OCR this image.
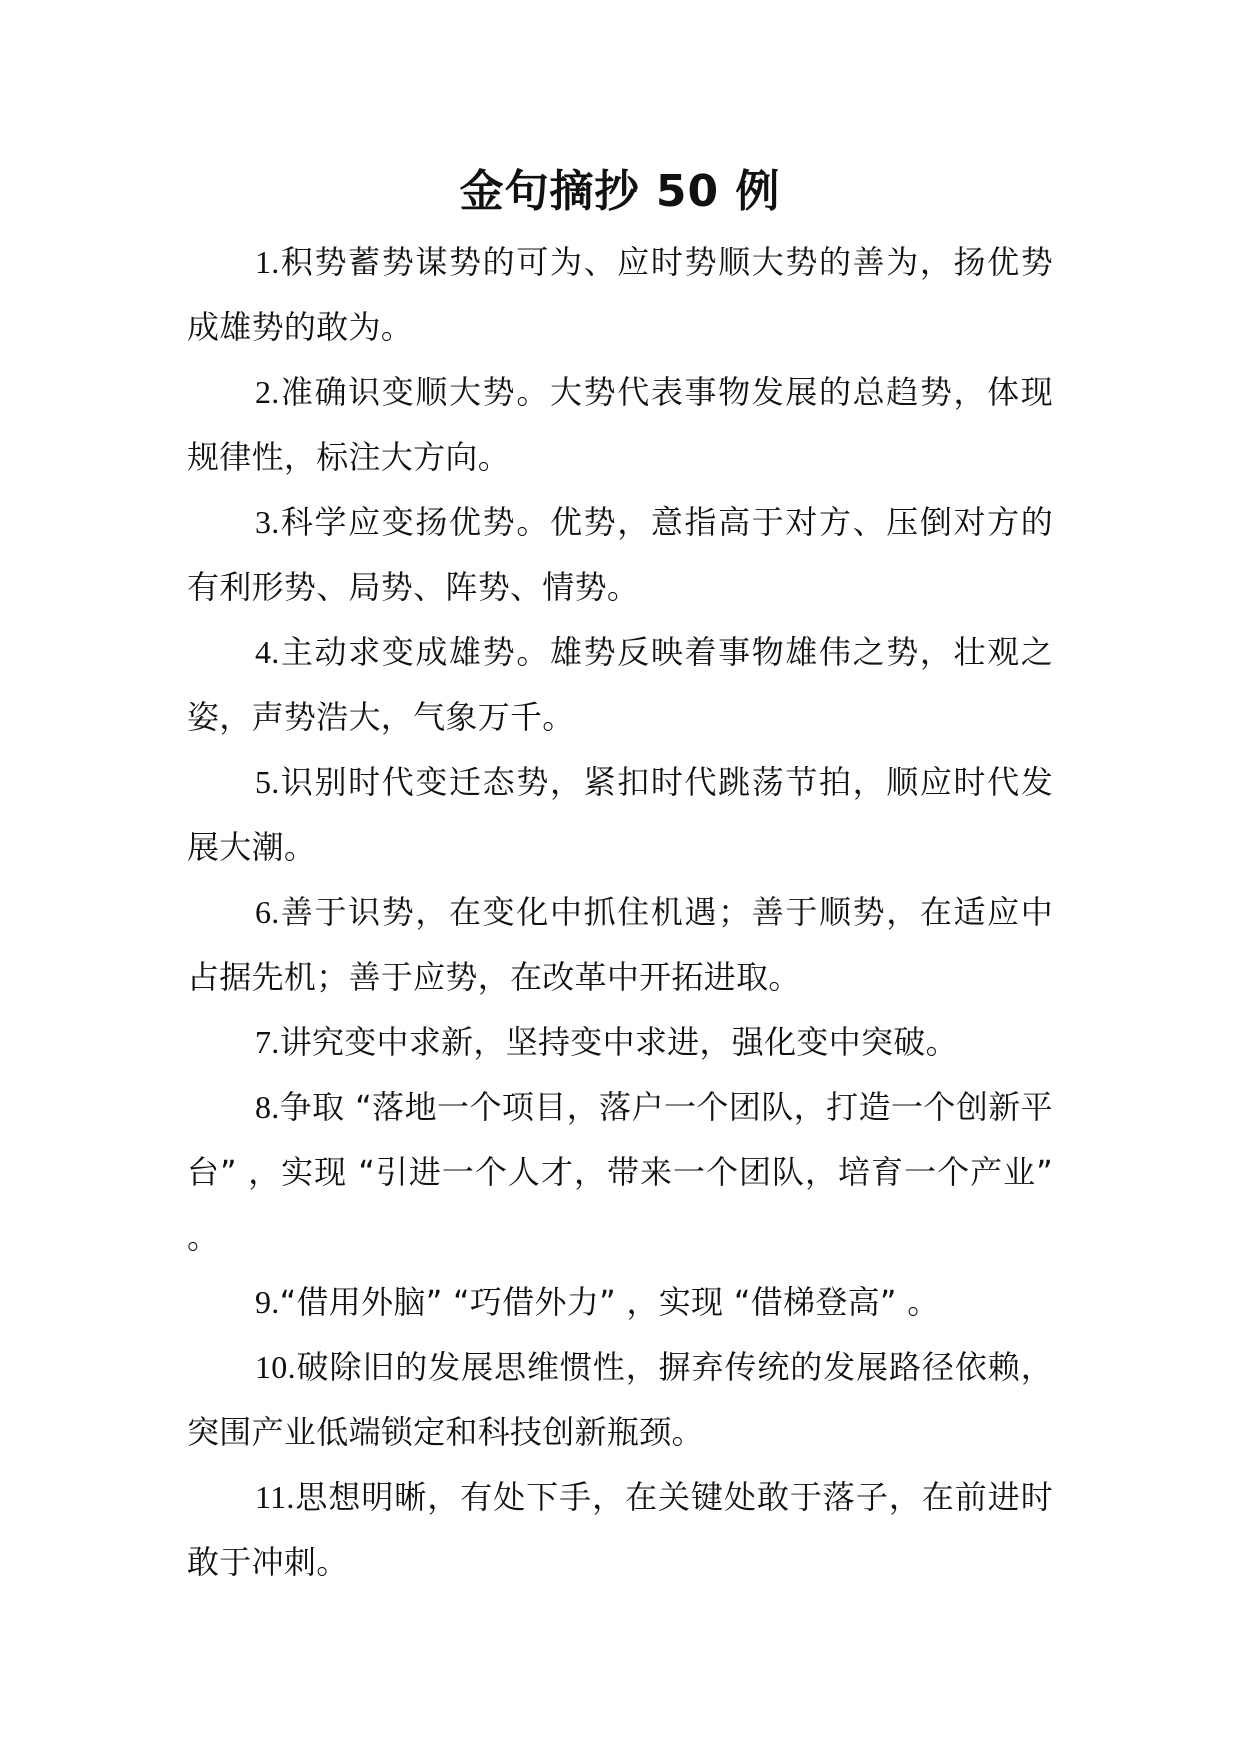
金句摘抄 50 例
1.积势蓄势谋势的可为、应时势顺大势的善为，扬优势成雄势的敢为。
2.准确识变顺大势。大势代表事物发展的总趋势，体现规律性，标注大方向。
3.科学应变扬优势。优势，意指高于对方、压倒对方的有利形势、局势、阵势、情势。
4.主动求变成雄势。雄势反映着事物雄伟之势，壮观之姿，声势浩大，气象万千。
5.识别时代变迁态势，紧扣时代跳荡节拍，顺应时代发展大潮。
6.善于识势，在变化中抓住机遇；善于顺势，在适应中占据先机；善于应势，在改革中开拓进取。
7.讲究变中求新，坚持变中求进，强化变中突破。
8.争取 “落地一个项目，落户一个团队，打造一个创新平台” ，实现 “引进一个人才，带来一个团队，培育一个产业” 。
9.“借用外脑” “巧借外力” ，实现 “借梯登高” 。
10.破除旧的发展思维惯性，摒弃传统的发展路径依赖，突围产业低端锁定和科技创新瓶颈。
11.思想明晰，有处下手，在关键处敢于落子，在前进时敢于冲刺。
